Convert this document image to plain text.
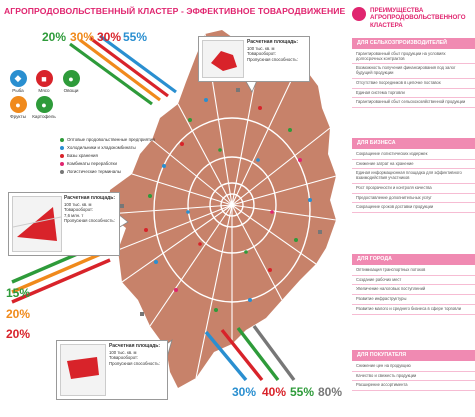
АГРОПРОДОВОЛЬСТВЕННЫЙ КЛАСТЕР - ЭФФЕКТИВНОЕ ТОВАРОДВИЖЕНИЕ
20% 30% 30% 55%
15%
20%
20%
30% 40% 55% 80%
◆
Рыба
■
Мясо
●
Овощи
●
Фрукты
●
Картофель
Оптовые продовольственные предприятия
Холодильники и хладокомбинаты
Базы хранения
Комбинаты переработки
Логистические терминалы
Расчетная площадь:
100 тыс. кв. м
Товарооборот:
Пропускная способность:
Расчетная площадь:
100 тыс. кв. м
Товарооборот:
7,6 млн. т
Пропускная способность:
Расчетная площадь:
100 тыс. кв. м
Товарооборот:
Пропускная способность:
ПРЕИМУЩЕСТВА АГРОПРОДОВОЛЬСТВЕННОГО КЛАСТЕРА
ДЛЯ СЕЛЬХОЗПРОИЗВОДИТЕЛЕЙ
Гарантированный сбыт продукции на условиях долгосрочных контрактов
Возможность получения финансирования под залог будущей продукции
Отсутствие посредников в цепочке поставок
Единая система торговли
Гарантированный сбыт сельскохозяйственной продукции
ДЛЯ БИЗНЕСА
Сокращение логистических издержек
Снижение затрат на хранение
Единая информационная площадка для эффективного взаимодействия участников
Рост прозрачности и контроля качества
Предоставление дополнительных услуг
Сокращение сроков доставки продукции
ДЛЯ ГОРОДА
Оптимизация транспортных потоков
Создание рабочих мест
Увеличение налоговых поступлений
Развитие инфраструктуры
Развитие малого и среднего бизнеса в сфере торговли
ДЛЯ ПОКУПАТЕЛЯ
Снижение цен на продукцию
Качество и свежесть продукции
Расширение ассортимента
